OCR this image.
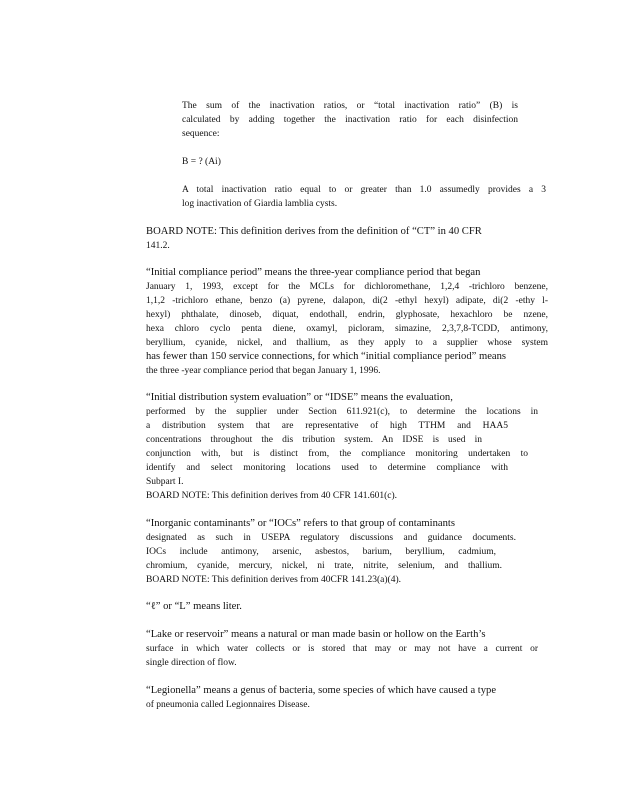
The sum of the inactivation ratios, or “total inactivation ratio” (B) is
calculated by adding together the inactivation ratio for each disinfection
sequence:
B = ? (Ai)
A total inactivation ratio equal to or greater than 1.0 assumedly provides a 3
log inactivation of Giardia lamblia cysts.
BOARD NOTE: This definition derives from the definition of “CT” in 40 CFR
141.2.
“Initial compliance period” means the three-year compliance period that began
January 1, 1993, except for the MCLs for dichloromethane, 1,2,4 -trichloro benzene,
1,1,2 -trichloro ethane, benzo (a) pyrene, dalapon, di(2 -ethyl hexyl) adipate, di(2 -ethy l-
hexyl) phthalate, dinoseb, diquat, endothall, endrin, glyphosate, hexachloro be nzene,
hexa chloro cyclo penta diene, oxamyl, picloram, simazine, 2,3,7,8-TCDD, antimony,
beryllium, cyanide, nickel, and thallium, as they apply to a supplier whose system
has fewer than 150 service connections, for which “initial compliance period” means
the three -year compliance period that began January 1, 1996.
“Initial distribution system evaluation” or “IDSE” means the evaluation,
performed by the supplier under Section 611.921(c), to determine the locations in
a distribution system that are representative of high TTHM and HAA5
concentrations throughout the dis tribution system. An IDSE is used in
conjunction with, but is distinct from, the compliance monitoring undertaken to
identify and select monitoring locations used to determine compliance with
Subpart I.
BOARD NOTE: This definition derives from 40 CFR 141.601(c).
“Inorganic contaminants” or “IOCs” refers to that group of contaminants
designated as such in USEPA regulatory discussions and guidance documents.
IOCs include antimony, arsenic, asbestos, barium, beryllium, cadmium,
chromium, cyanide, mercury, nickel, ni trate, nitrite, selenium, and thallium.
BOARD NOTE: This definition derives from 40CFR 141.23(a)(4).
“ℓ” or “L” means liter.
“Lake or reservoir” means a natural or man made basin or hollow on the Earth’s
surface in which water collects or is stored that may or may not have a current or
single direction of flow.
“Legionella” means a genus of bacteria, some species of which have caused a type
of pneumonia called Legionnaires Disease.
